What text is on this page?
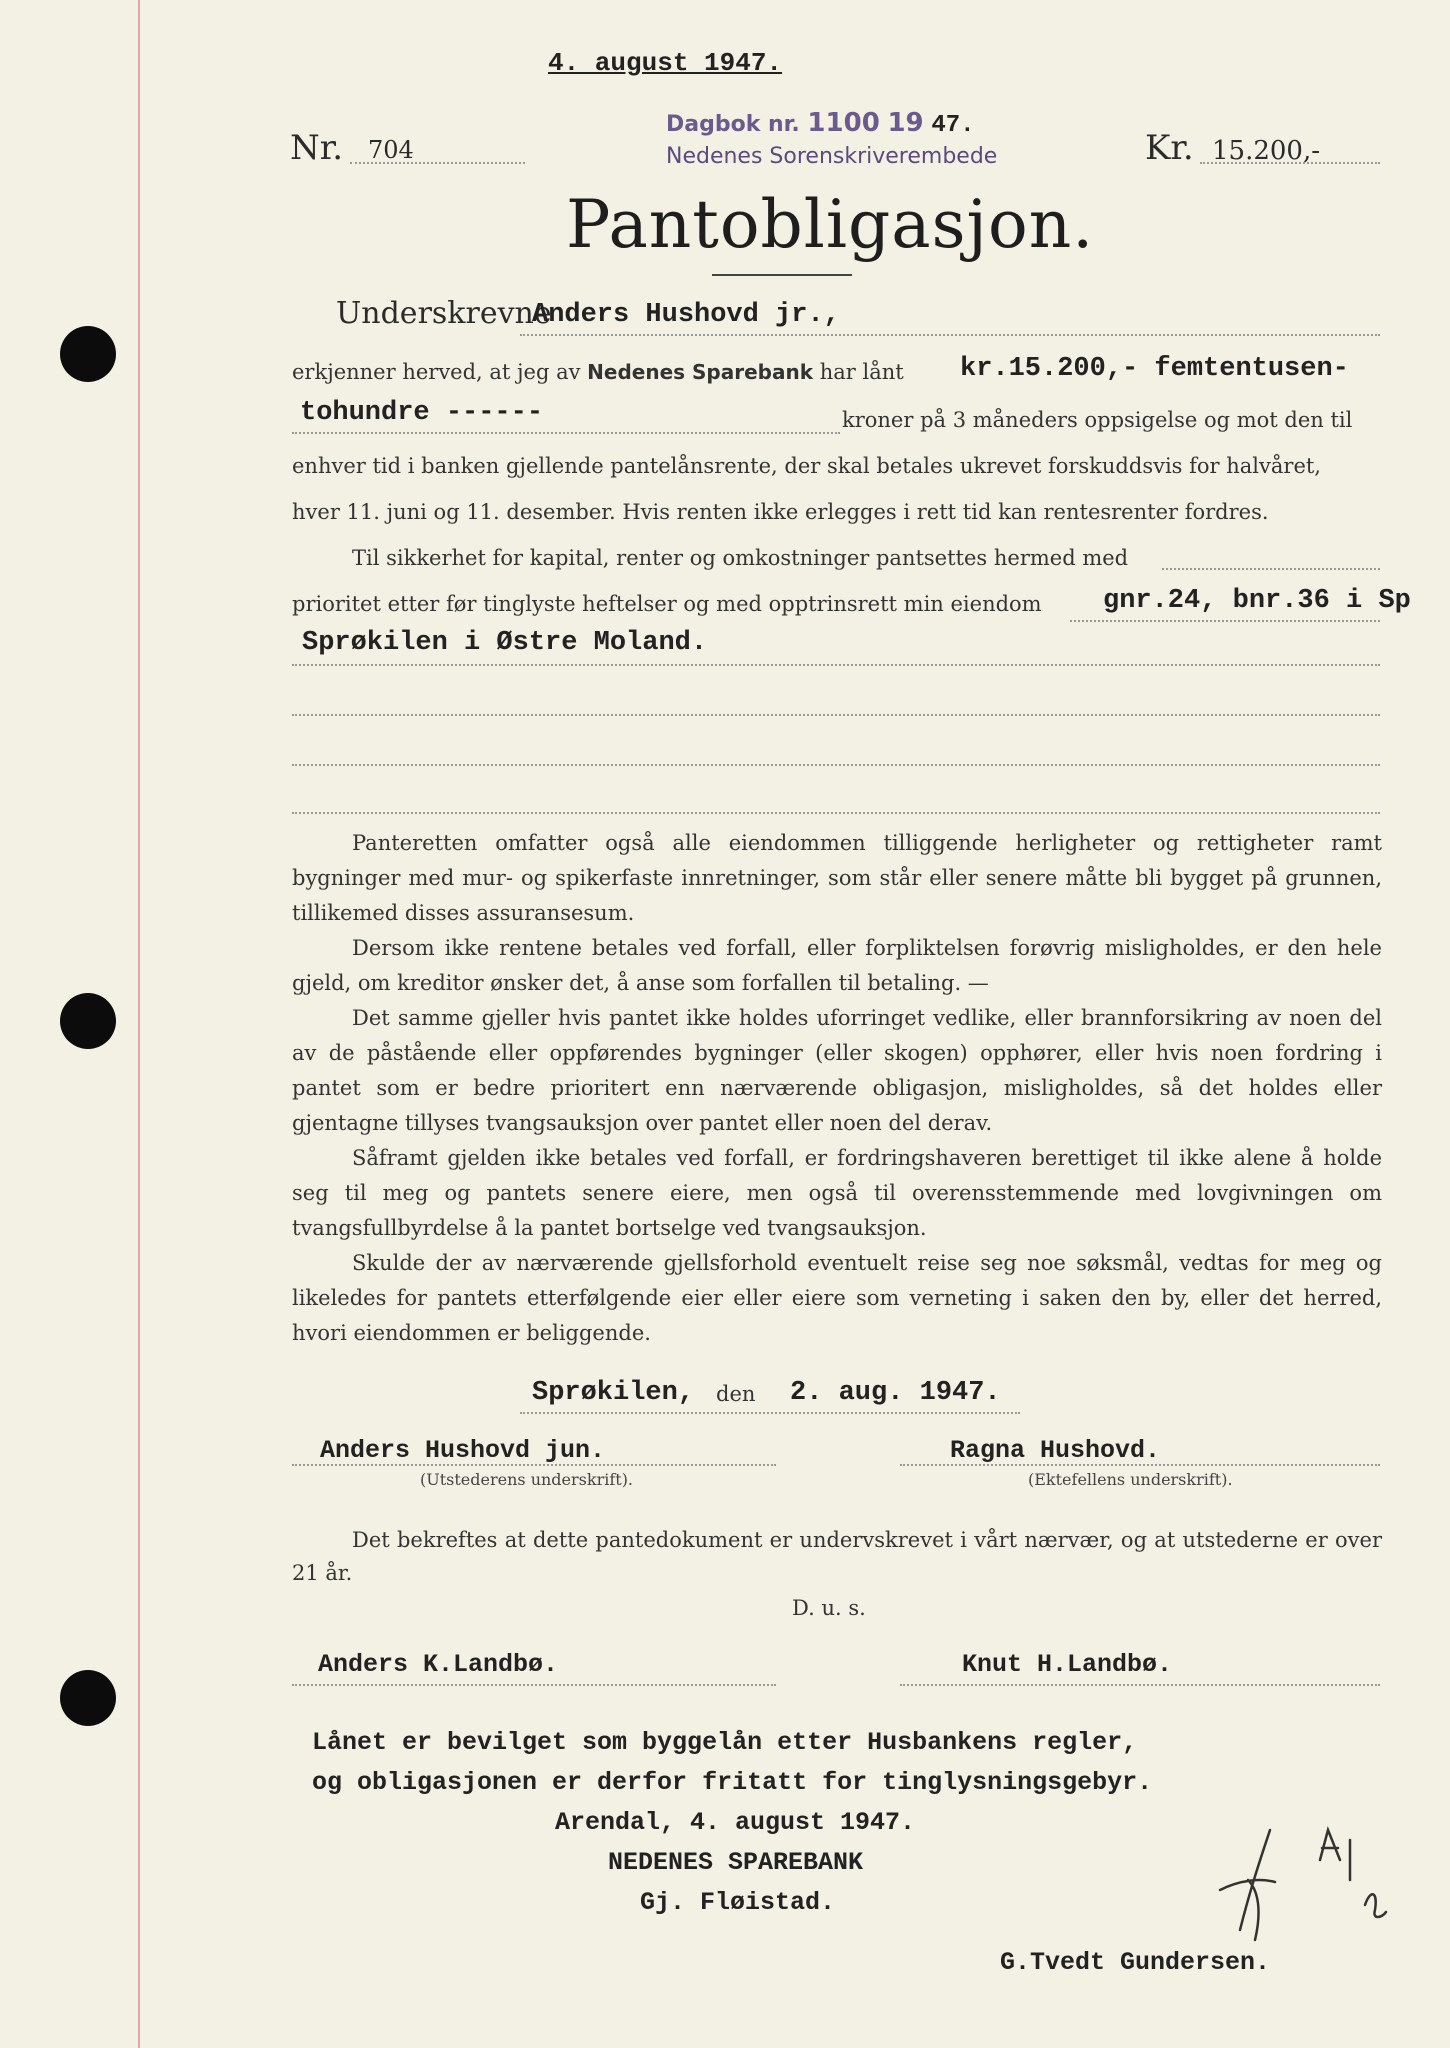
4. august 1947.
Nr. 704
Dagbok nr. 1100 19 47.
Nedenes Sorenskriverembede	Kr. 15.200,-
Pantobligasjon.
Underskrevne
Anders Hushovd jr.,
erkjenner herved, at jeg av Nedenes Sparebank har lånt kr.15.200,- femtentusen-
tohundre ------	kroner på 3 måneders oppsigelse og mot den til
enhver tid i banken gjellende pantelånsrente, der skal betales ukrevet forskuddsvis for halvåret,
hver 11. juni og 11. desember. Hvis renten ikke erlegges i rett tid kan rentesrenter fordres.
Til sikkerhet for kapital, renter og omkostninger pantsettes hermed med
prioritet etter før tinglyste heftelser og med opptrinsrett min eiendom gnr.24, bnr.36 i Sp
Sprøkilen i Østre Moland.

Panteretten omfatter også alle eiendommen tilliggende herligheter og rettigheter ramt bygninger med mur- og spikerfaste innretninger, som står eller senere måtte bli bygget på grunnen, tillikemed disses assuransesum.

Dersom ikke rentene betales ved forfall, eller forpliktelsen forøvrig misligholdes, er den hele gjeld, om kreditor ønsker det, å anse som forfallen til betaling. —

Det samme gjeller hvis pantet ikke holdes uforringet vedlike, eller brannforsikring av noen del av de påstående eller oppførendes bygninger (eller skogen) opphører, eller hvis noen fordring i pantet som er bedre prioritert enn nærværende obligasjon, misligholdes, så det holdes eller gjentagne tillyses tvangsauksjon over pantet eller noen del derav.

Såframt gjelden ikke betales ved forfall, er fordringshaveren berettiget til ikke alene å holde seg til meg og pantets senere eiere, men også til overensstemmende med lovgivningen om tvangsfullbyrdelse å la pantet bortselge ved tvangsauksjon.

Skulde der av nærværende gjellsforhold eventuelt reise seg noe søksmål, vedtas for meg og likeledes for pantets etterfølgende eier eller eiere som verneting i saken den by, eller det herred, hvori eiendommen er beliggende.

Sprøkilen, den 2. aug. 1947.
Anders Hushovd jun.
(Utstederens underskrift).
Ragna Hushovd.
(Ektefellens underskrift).
Det bekreftes at dette pantedokument er undervskrevet i vårt nærvær, og at utstederne er over 21 år.
D. u. s.
Anders K.Landbø.	Knut H.Landbø.
Lånet er bevilget som byggelån etter Husbankens regler,
og obligasjonen er derfor fritatt for tinglysningsgebyr.
Arendal, 4. august 1947.
NEDENES SPAREBANK
Gj. Fløistad.
G.Tvedt Gundersen.
